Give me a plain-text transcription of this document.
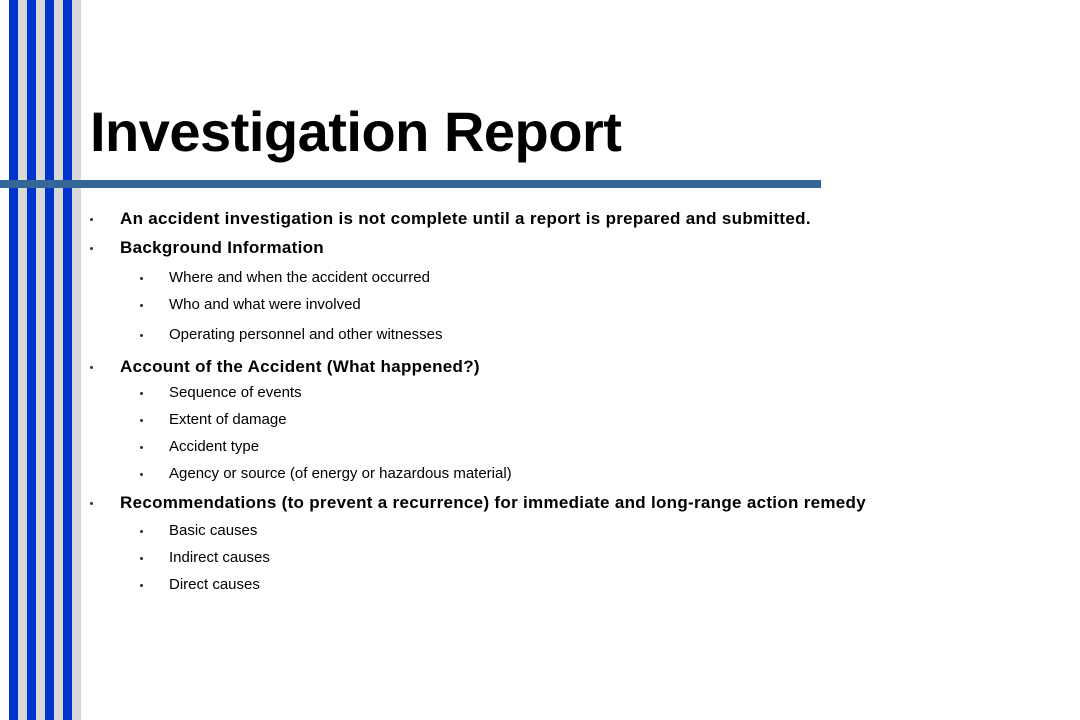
Investigation Report
An accident investigation is not complete until a report is prepared and submitted.
Background Information
Where and when the accident occurred
Who and what were involved
Operating personnel and other witnesses
Account of the Accident (What happened?)
Sequence of events
Extent of damage
Accident type
Agency or source (of energy or hazardous material)
Recommendations (to prevent a recurrence) for immediate and long-range action remedy
Basic causes
Indirect causes
Direct causes
